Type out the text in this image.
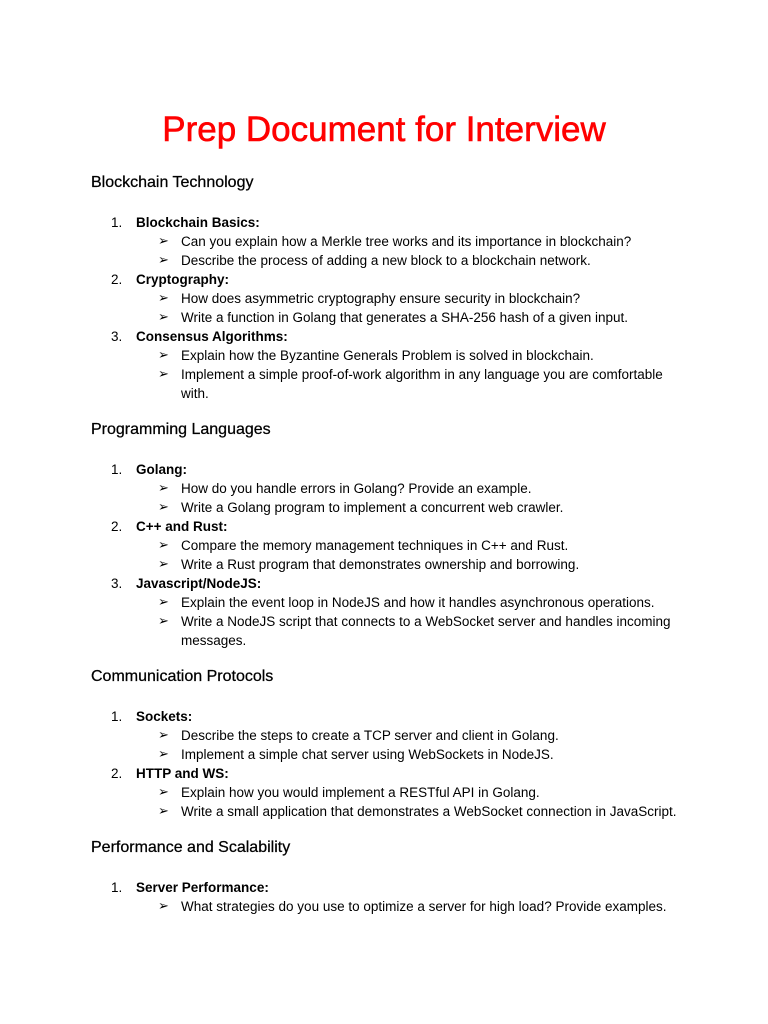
Prep Document for Interview
Blockchain Technology
1. Blockchain Basics:
➢ Can you explain how a Merkle tree works and its importance in blockchain?
➢ Describe the process of adding a new block to a blockchain network.
2. Cryptography:
➢ How does asymmetric cryptography ensure security in blockchain?
➢ Write a function in Golang that generates a SHA-256 hash of a given input.
3. Consensus Algorithms:
➢ Explain how the Byzantine Generals Problem is solved in blockchain.
➢ Implement a simple proof-of-work algorithm in any language you are comfortable with.
Programming Languages
1. Golang:
➢ How do you handle errors in Golang? Provide an example.
➢ Write a Golang program to implement a concurrent web crawler.
2. C++ and Rust:
➢ Compare the memory management techniques in C++ and Rust.
➢ Write a Rust program that demonstrates ownership and borrowing.
3. Javascript/NodeJS:
➢ Explain the event loop in NodeJS and how it handles asynchronous operations.
➢ Write a NodeJS script that connects to a WebSocket server and handles incoming messages.
Communication Protocols
1. Sockets:
➢ Describe the steps to create a TCP server and client in Golang.
➢ Implement a simple chat server using WebSockets in NodeJS.
2. HTTP and WS:
➢ Explain how you would implement a RESTful API in Golang.
➢ Write a small application that demonstrates a WebSocket connection in JavaScript.
Performance and Scalability
1. Server Performance:
➢ What strategies do you use to optimize a server for high load? Provide examples.
